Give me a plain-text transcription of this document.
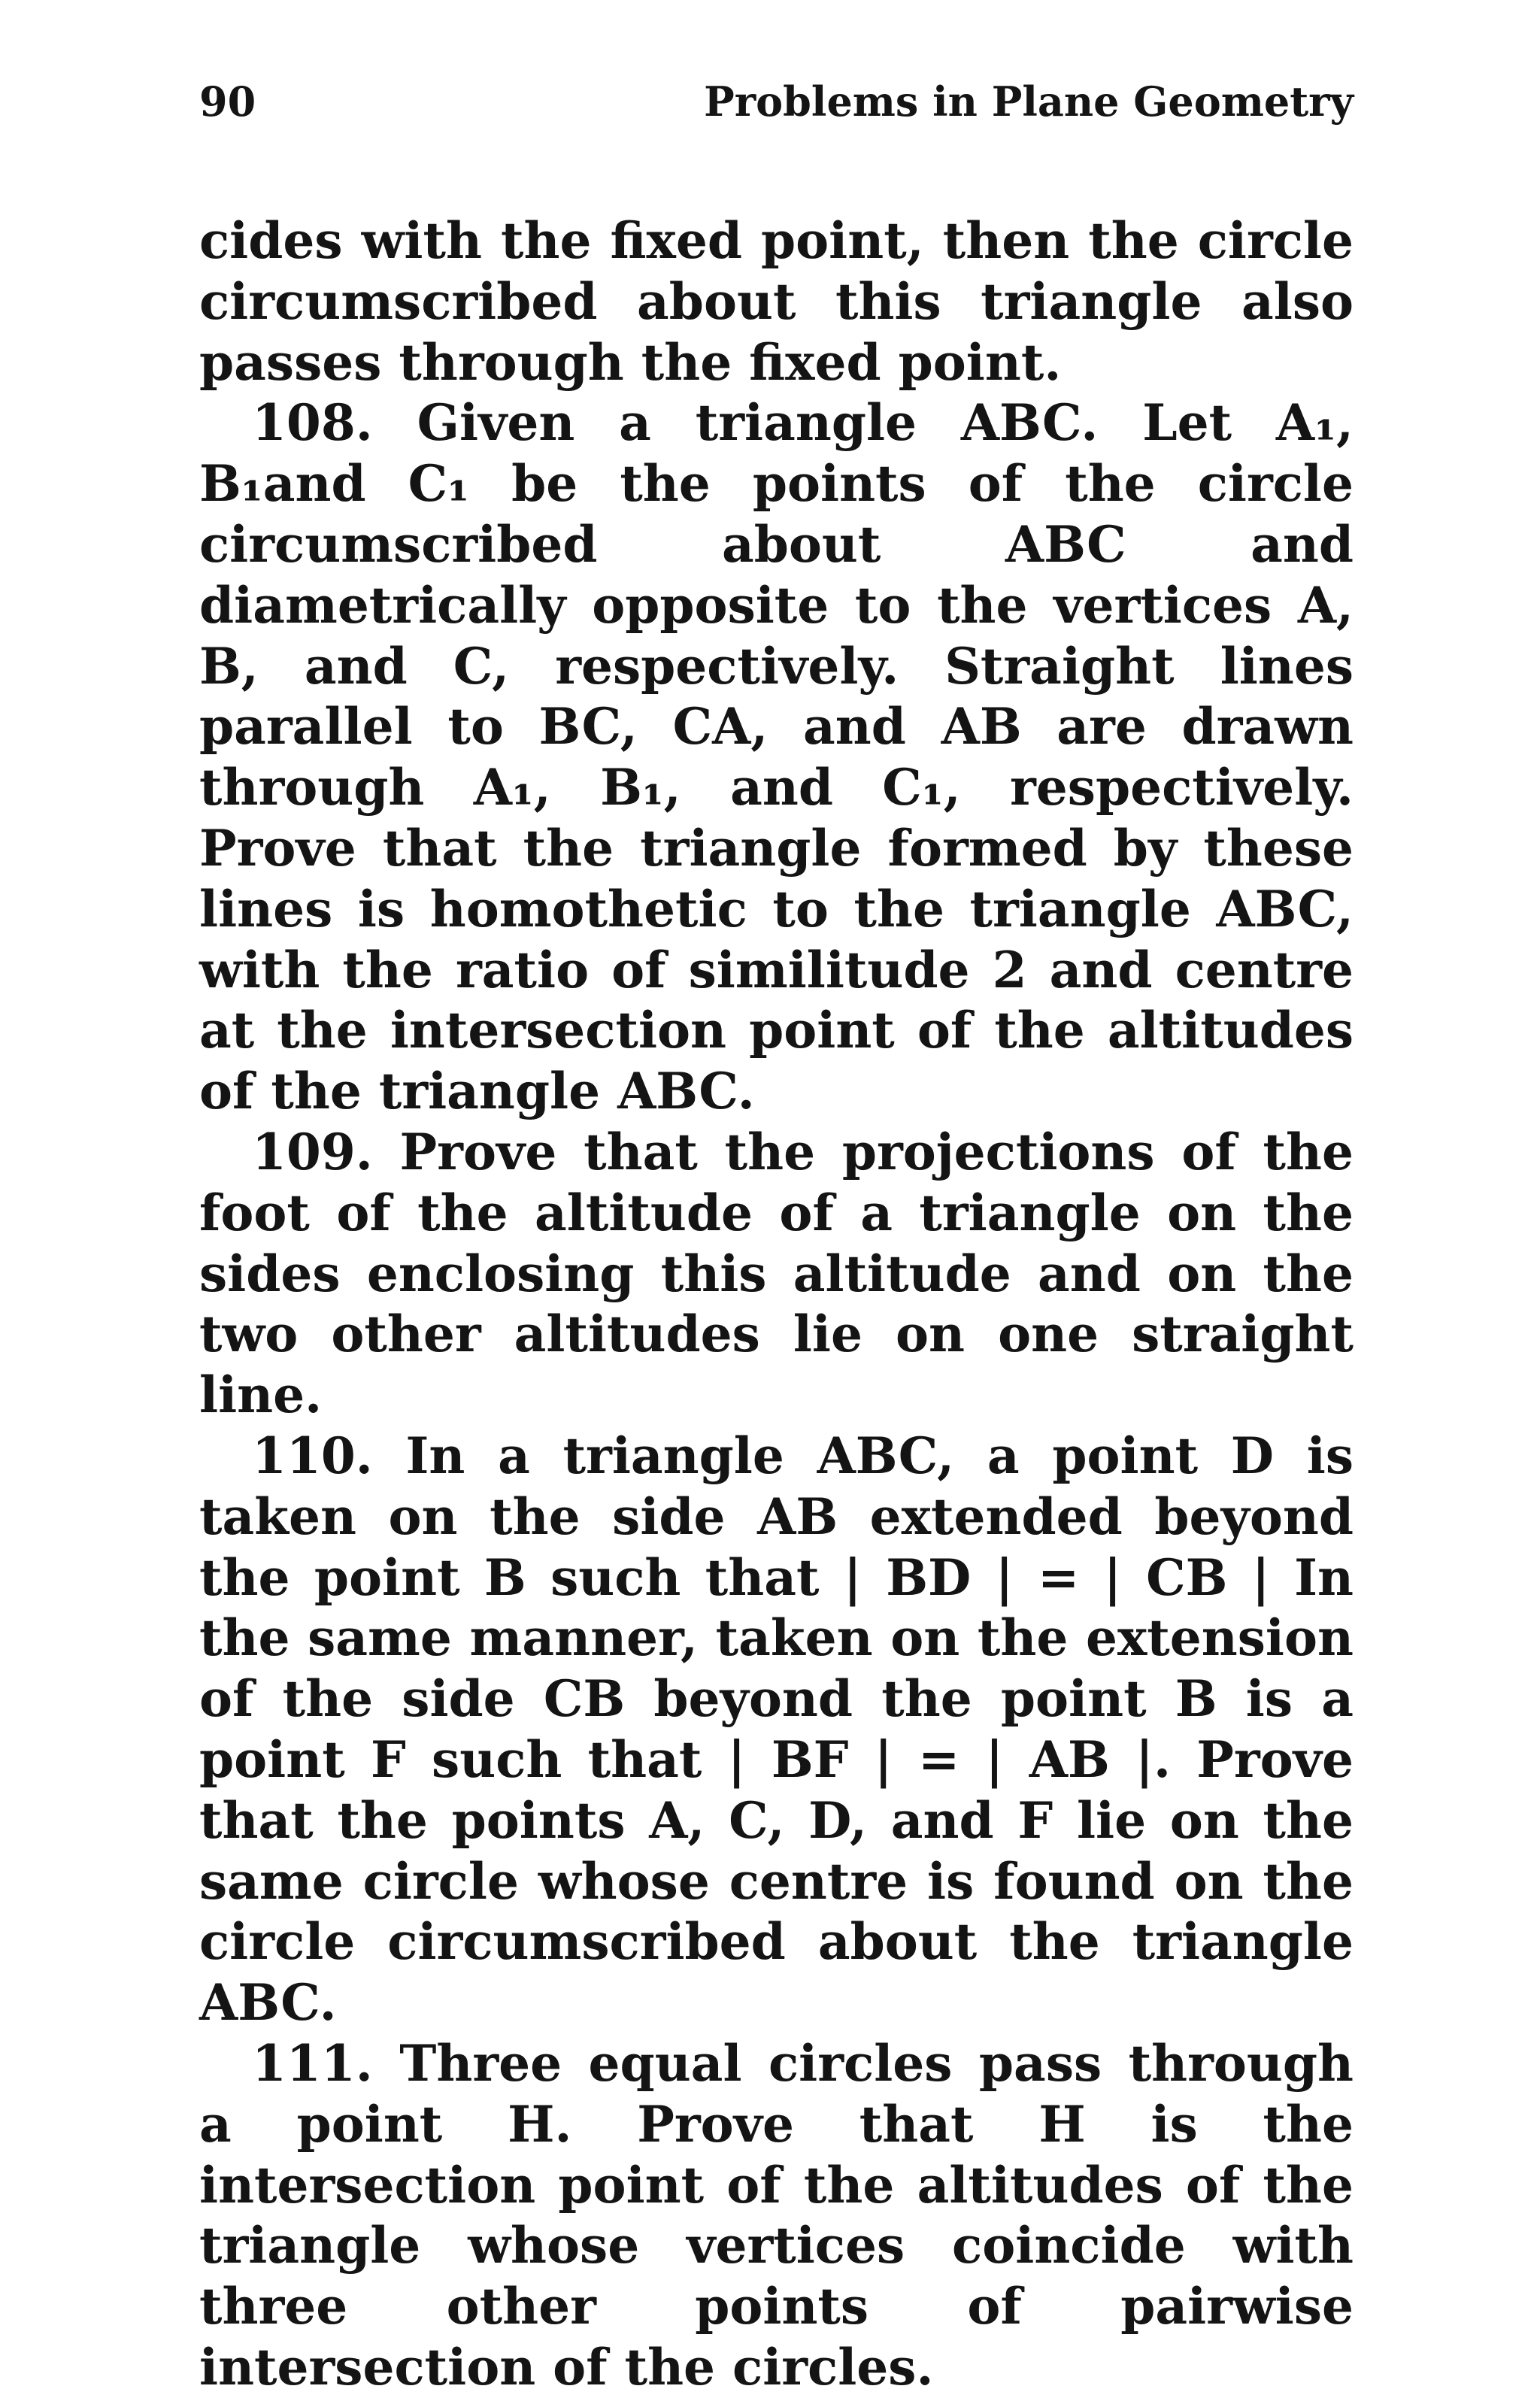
90	Problems in Plane Geometry

cides with the fixed point, then the circle circumscribed about this triangle also passes through the fixed point.

108. Given a triangle ABC. Let A₁, B₁and C₁ be the points of the circle circumscribed about ABC and diametrically opposite to the vertices A, B, and C, respectively. Straight lines parallel to BC, CA, and AB are drawn through A₁, B₁, and C₁, respectively. Prove that the triangle formed by these lines is homothetic to the triangle ABC, with the ratio of similitude 2 and centre at the intersection point of the altitudes of the triangle ABC.

109. Prove that the projections of the foot of the altitude of a triangle on the sides enclosing this altitude and on the two other altitudes lie on one straight line.

110. In a triangle ABC, a point D is taken on the side AB extended beyond the point B such that | BD | = | CB | In the same manner, taken on the extension of the side CB beyond the point B is a point F such that | BF | = | AB |. Prove that the points A, C, D, and F lie on the same circle whose centre is found on the circle circumscribed about the triangle ABC.

111. Three equal circles pass through a point H. Prove that H is the intersection point of the altitudes of the triangle whose vertices coincide with three other points of pairwise intersection of the circles.
